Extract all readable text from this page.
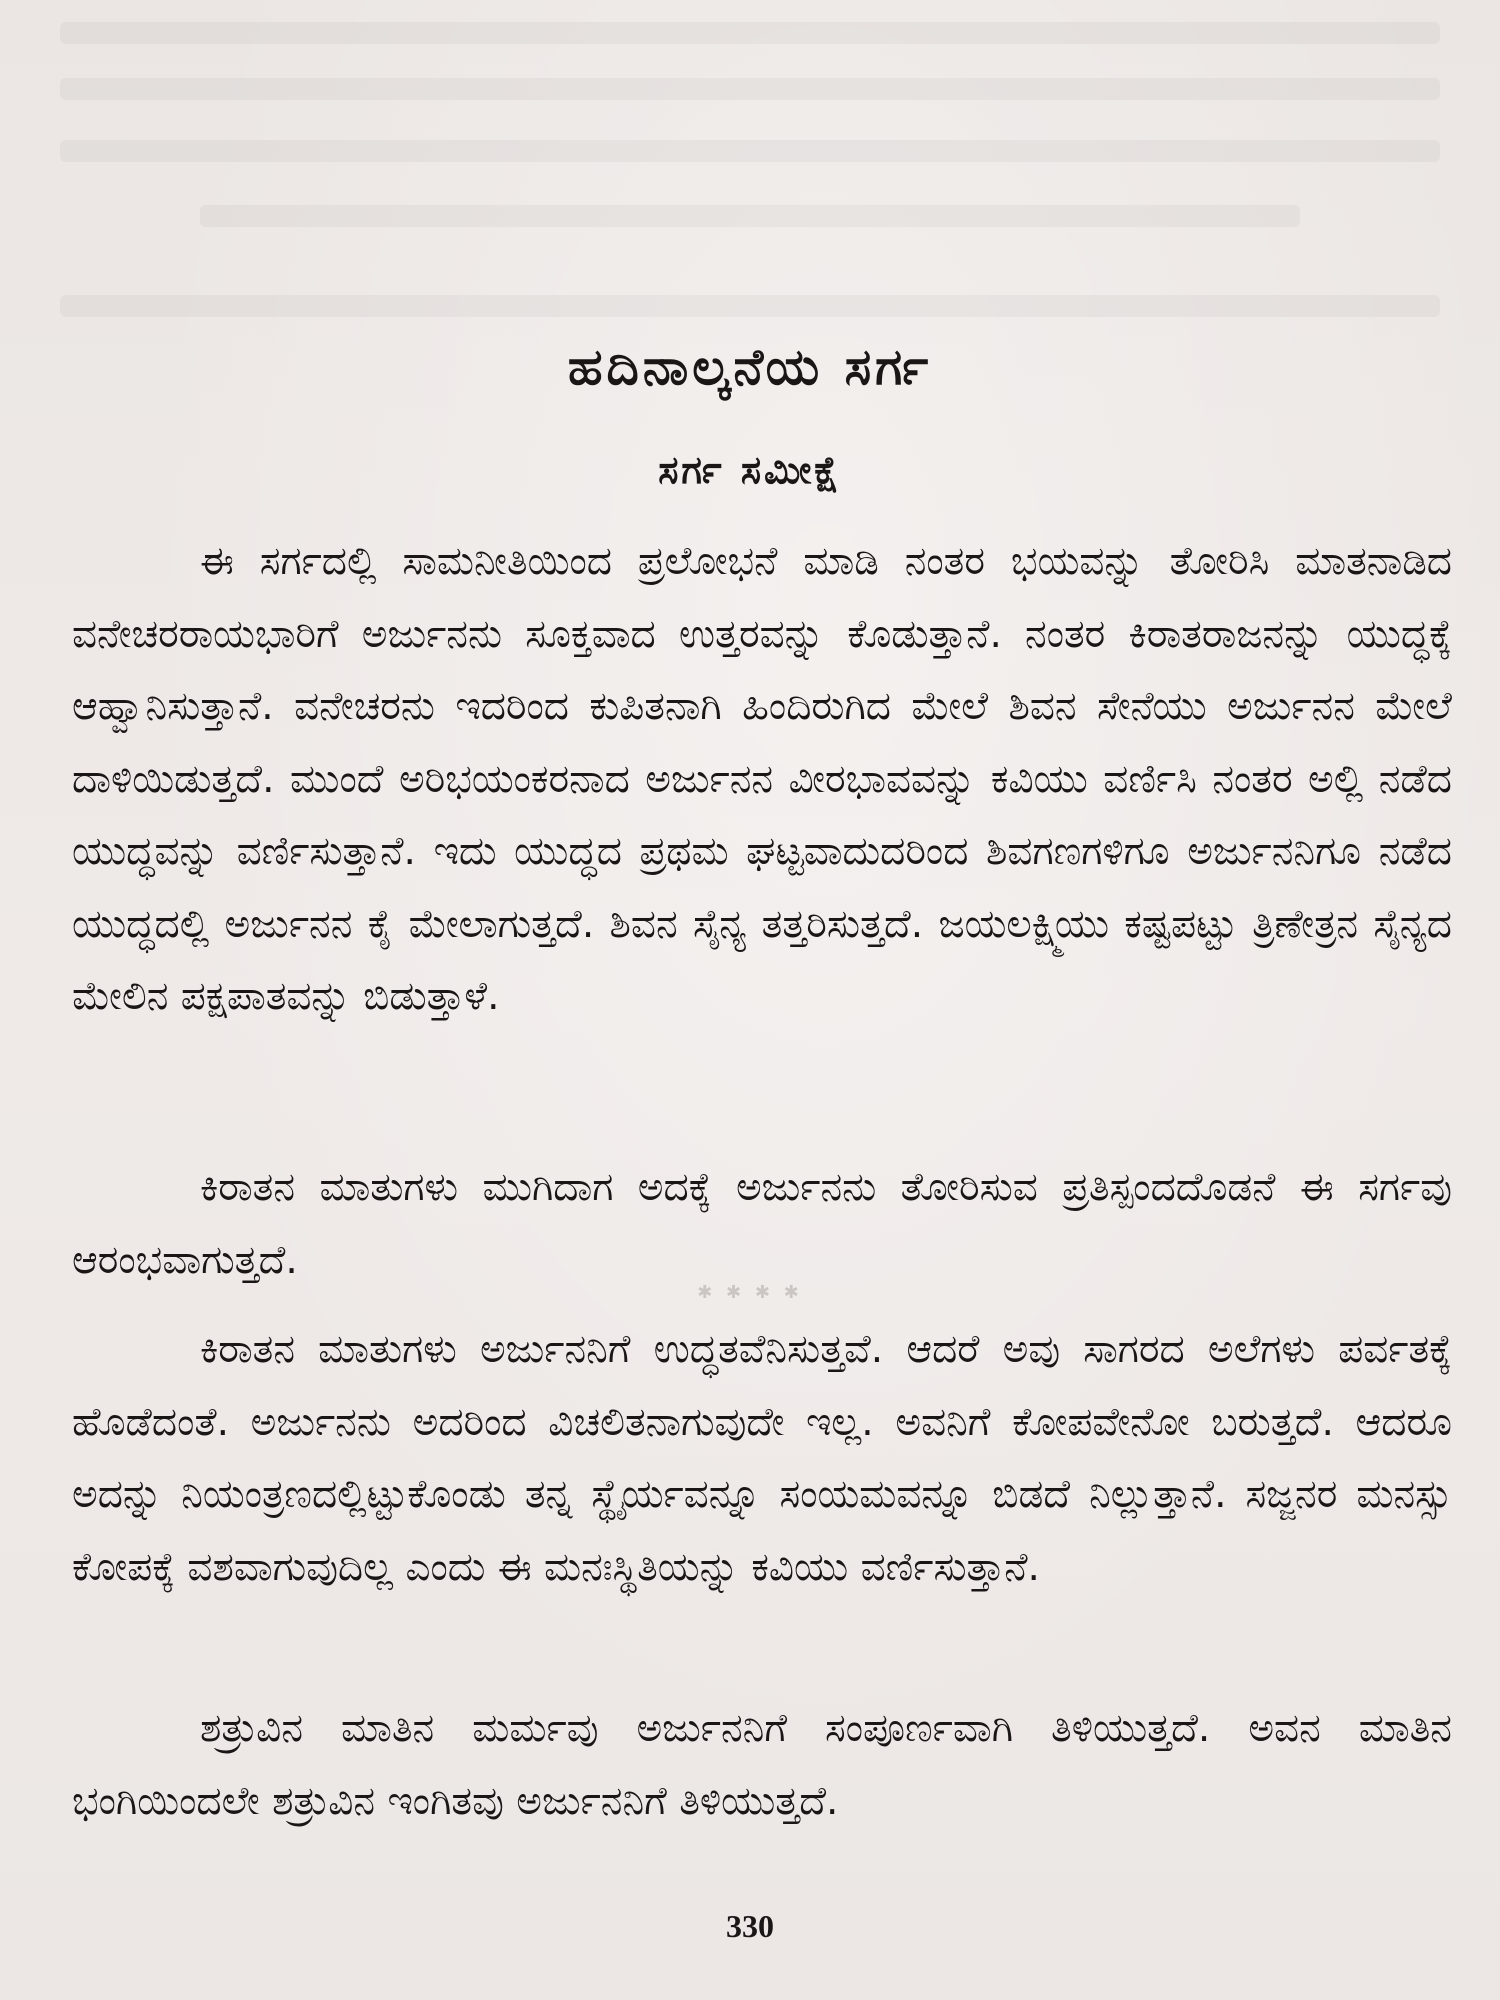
ಹದಿನಾಲ್ಕನೆಯ ಸರ್ಗ
ಸರ್ಗ ಸಮೀಕ್ಷೆ

ಈ ಸರ್ಗದಲ್ಲಿ ಸಾಮನೀತಿಯಿಂದ ಪ್ರಲೋಭನೆ ಮಾಡಿ ನಂತರ ಭಯವನ್ನು ತೋರಿಸಿ ಮಾತನಾಡಿದ ವನೇಚರರಾಯಭಾರಿಗೆ ಅರ್ಜುನನು ಸೂಕ್ತವಾದ ಉತ್ತರವನ್ನು ಕೊಡುತ್ತಾನೆ. ನಂತರ ಕಿರಾತರಾಜನನ್ನು ಯುದ್ಧಕ್ಕೆ ಆಹ್ವಾನಿಸುತ್ತಾನೆ. ವನೇಚರನು ಇದರಿಂದ ಕುಪಿತನಾಗಿ ಹಿಂದಿರುಗಿದ ಮೇಲೆ ಶಿವನ ಸೇನೆಯು ಅರ್ಜುನನ ಮೇಲೆ ದಾಳಿಯಿಡುತ್ತದೆ. ಮುಂದೆ ಅರಿಭಯಂಕರನಾದ ಅರ್ಜುನನ ವೀರಭಾವವನ್ನು ಕವಿಯು ವರ್ಣಿಸಿ ನಂತರ ಅಲ್ಲಿ ನಡೆದ ಯುದ್ಧವನ್ನು ವರ್ಣಿಸುತ್ತಾನೆ. ಇದು ಯುದ್ಧದ ಪ್ರಥಮ ಘಟ್ಟವಾದುದರಿಂದ ಶಿವಗಣಗಳಿಗೂ ಅರ್ಜುನನಿಗೂ ನಡೆದ ಯುದ್ಧದಲ್ಲಿ ಅರ್ಜುನನ ಕೈ ಮೇಲಾಗುತ್ತದೆ. ಶಿವನ ಸೈನ್ಯ ತತ್ತರಿಸುತ್ತದೆ. ಜಯಲಕ್ಷ್ಮಿಯು ಕಷ್ಟಪಟ್ಟು ತ್ರಿಣೇತ್ರನ ಸೈನ್ಯದ ಮೇಲಿನ ಪಕ್ಷಪಾತವನ್ನು ಬಿಡುತ್ತಾಳೆ.

ಕಿರಾತನ ಮಾತುಗಳು ಮುಗಿದಾಗ ಅದಕ್ಕೆ ಅರ್ಜುನನು ತೋರಿಸುವ ಪ್ರತಿಸ್ಪಂದದೊಡನೆ ಈ ಸರ್ಗವು ಆರಂಭವಾಗುತ್ತದೆ.

✱ ✱ ✱ ✱

ಕಿರಾತನ ಮಾತುಗಳು ಅರ್ಜುನನಿಗೆ ಉದ್ಧತವೆನಿಸುತ್ತವೆ. ಆದರೆ ಅವು ಸಾಗರದ ಅಲೆಗಳು ಪರ್ವತಕ್ಕೆ ಹೊಡೆದಂತೆ. ಅರ್ಜುನನು ಅದರಿಂದ ವಿಚಲಿತನಾಗುವುದೇ ಇಲ್ಲ. ಅವನಿಗೆ ಕೋಪವೇನೋ ಬರುತ್ತದೆ. ಆದರೂ ಅದನ್ನು ನಿಯಂತ್ರಣದಲ್ಲಿಟ್ಟುಕೊಂಡು ತನ್ನ ಸ್ಥೈರ್ಯವನ್ನೂ ಸಂಯಮವನ್ನೂ ಬಿಡದೆ ನಿಲ್ಲುತ್ತಾನೆ. ಸಜ್ಜನರ ಮನಸ್ಸು ಕೋಪಕ್ಕೆ ವಶವಾಗುವುದಿಲ್ಲ ಎಂದು ಈ ಮನಃಸ್ಥಿತಿಯನ್ನು ಕವಿಯು ವರ್ಣಿಸುತ್ತಾನೆ.

ಶತ್ರುವಿನ ಮಾತಿನ ಮರ್ಮವು ಅರ್ಜುನನಿಗೆ ಸಂಪೂರ್ಣವಾಗಿ ತಿಳಿಯುತ್ತದೆ. ಅವನ ಮಾತಿನ ಭಂಗಿಯಿಂದಲೇ ಶತ್ರುವಿನ ಇಂಗಿತವು ಅರ್ಜುನನಿಗೆ ತಿಳಿಯುತ್ತದೆ.

330
